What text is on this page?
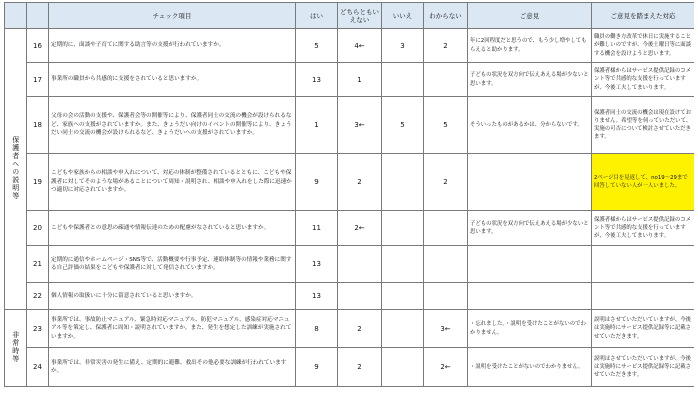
		チェック項目	はい	どちらともいえない	いいえ	わからない	ご意見	ご意見を踏まえた対応
保護者への説明等	16	定期的に、面談や子育てに関する助言等の支援が行われていますか。	5	4←	3	2	年に2回程度だと思うので、もう少し増やしてもらえると助かります。	職員の働き方改革で休日に実施することが難しいのですが、今後土曜日等に面談する機会を設けようと思います。
	17	事業所の職員から共感的に支援をされていると思いますか。	13	1			子どもの状況を双方向で伝えあえる場が少ないと思います。	保護者様からはサービス提供記録のコメント等で共感的な支援を行っていますが、今後工夫してまいります。
	18	父母の会の活動の支援や、保護者会等の開催等により、保護者同士の交流の機会が設けられるなど、家族への支援がされていますか。また、きょうだい向けのイベントの開催等により、きょうだい同士の交流の機会が設けられるなど、きょうだいへの支援がされていますか。	1	3←	5	5	そういったものがあるかは、分からないです。	保護者同士の交流の機会は現在設けておりません。希望等を伺っていただいて、実施の可否について検討させていただきます。
	19	こどもや家族からの相談や申入れについて、対応の体制が整備されているとともに、こどもや保護者に対してそのような場があることについて周知・説明され、相談や申入れをした際に迅速かつ適切に対応されていますか。	9	2		2		2ページ目を見返して、no19～29まで回答していない人が一人いました。
	20	こどもや保護者との意思の疎通や情報伝達のための配慮がなされていると思いますか。	11	2←			子どもの状況を双方向で伝えあえる場が少ないと思います。	保護者様からはサービス提供記録のコメント等で共感的な支援を行っていますが、今後工夫してまいります。
	21	定期的に通信やホームページ・SNS等で、活動概要や行事予定、連絡体制等の情報や業務に関する自己評価の結果をこどもや保護者に対して発信されていますか。	13					
	22	個人情報の取扱いに十分に留意されていると思いますか。	13					
非常時等	23	事業所では、事故防止マニュアル、緊急時対応マニュアル、防犯マニュアル、感染症対応マニュアル等を策定し、保護者に周知・説明されていますか。また、発生を想定した訓練が実施されていますか。	8	2		3←	・忘れました。・説明を受けたことがないのでわかりません。	説明はさせていただいていますが、今後は実施時にサービス提供記録等に記載させていただきます。
	24	事業所では、非常災害の発生に備え、定期的に避難、救出その他必要な訓練が行われていますか。	9	2		2←	・説明を受けたことがないのでわかりません。	説明はさせていただいていますが、今後は実施時にサービス提供記録等に記載させていただきます。
